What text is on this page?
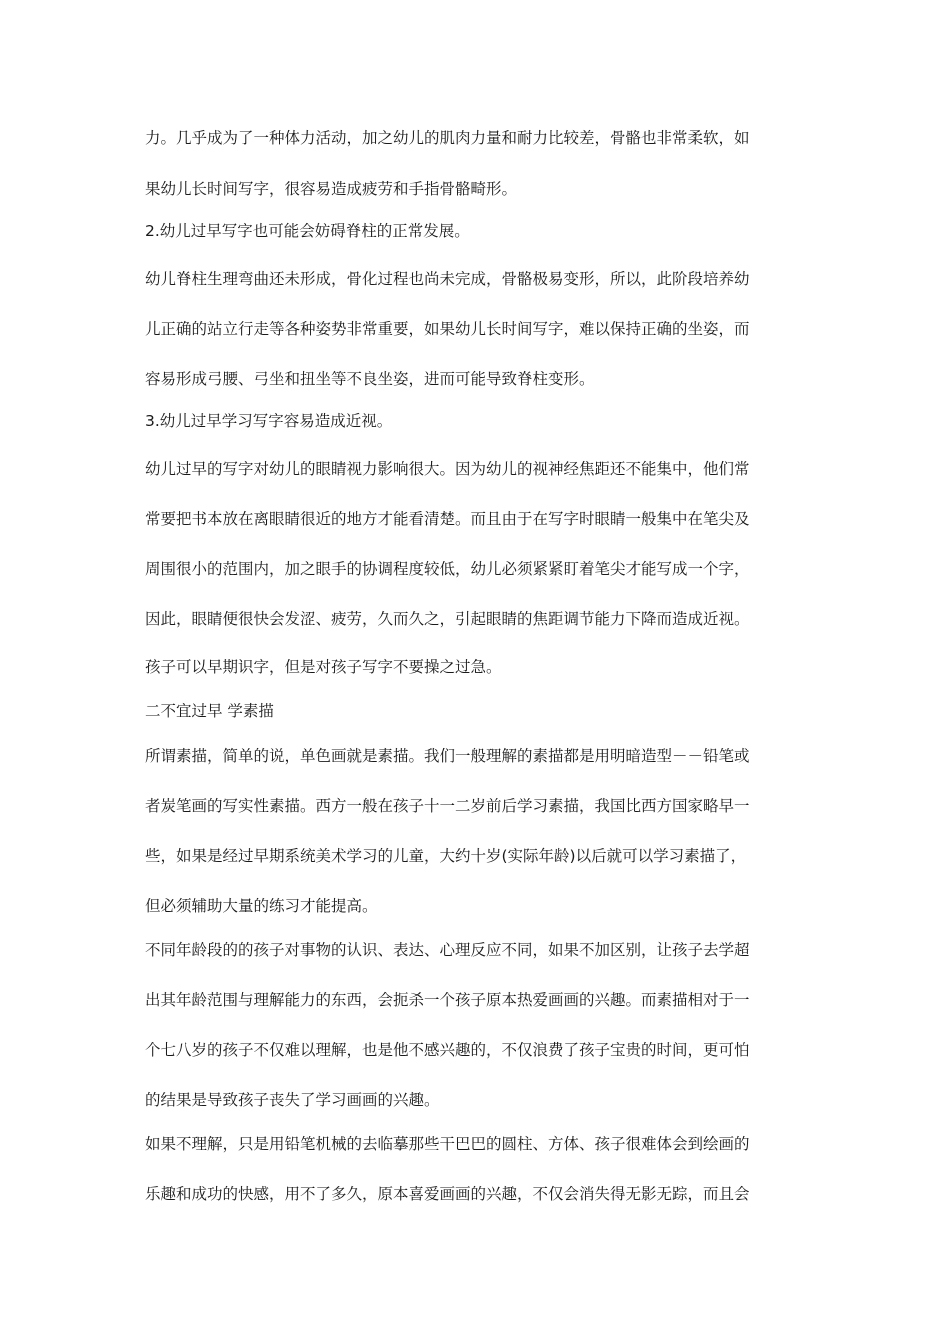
力。几乎成为了一种体力活动，加之幼儿的肌肉力量和耐力比较差，骨骼也非常柔软，如
果幼儿长时间写字，很容易造成疲劳和手指骨骼畸形。
2.幼儿过早写字也可能会妨碍脊柱的正常发展。
幼儿脊柱生理弯曲还未形成，骨化过程也尚未完成，骨骼极易变形，所以，此阶段培养幼
儿正确的站立行走等各种姿势非常重要，如果幼儿长时间写字，难以保持正确的坐姿，而
容易形成弓腰、弓坐和扭坐等不良坐姿，进而可能导致脊柱变形。
3.幼儿过早学习写字容易造成近视。
幼儿过早的写字对幼儿的眼睛视力影响很大。因为幼儿的视神经焦距还不能集中，他们常
常要把书本放在离眼睛很近的地方才能看清楚。而且由于在写字时眼睛一般集中在笔尖及
周围很小的范围内，加之眼手的协调程度较低，幼儿必须紧紧盯着笔尖才能写成一个字，
因此，眼睛便很快会发涩、疲劳，久而久之，引起眼睛的焦距调节能力下降而造成近视。
孩子可以早期识字，但是对孩子写字不要操之过急。
二不宜过早 学素描
所谓素描，简单的说，单色画就是素描。我们一般理解的素描都是用明暗造型－－铅笔或
者炭笔画的写实性素描。西方一般在孩子十一二岁前后学习素描，我国比西方国家略早一
些，如果是经过早期系统美术学习的儿童，大约十岁(实际年龄)以后就可以学习素描了，
但必须辅助大量的练习才能提高。
不同年龄段的的孩子对事物的认识、表达、心理反应不同，如果不加区别，让孩子去学超
出其年龄范围与理解能力的东西，会扼杀一个孩子原本热爱画画的兴趣。而素描相对于一
个七八岁的孩子不仅难以理解，也是他不感兴趣的，不仅浪费了孩子宝贵的时间，更可怕
的结果是导致孩子丧失了学习画画的兴趣。
如果不理解，只是用铅笔机械的去临摹那些干巴巴的圆柱、方体、孩子很难体会到绘画的
乐趣和成功的快感，用不了多久，原本喜爱画画的兴趣，不仅会消失得无影无踪，而且会
